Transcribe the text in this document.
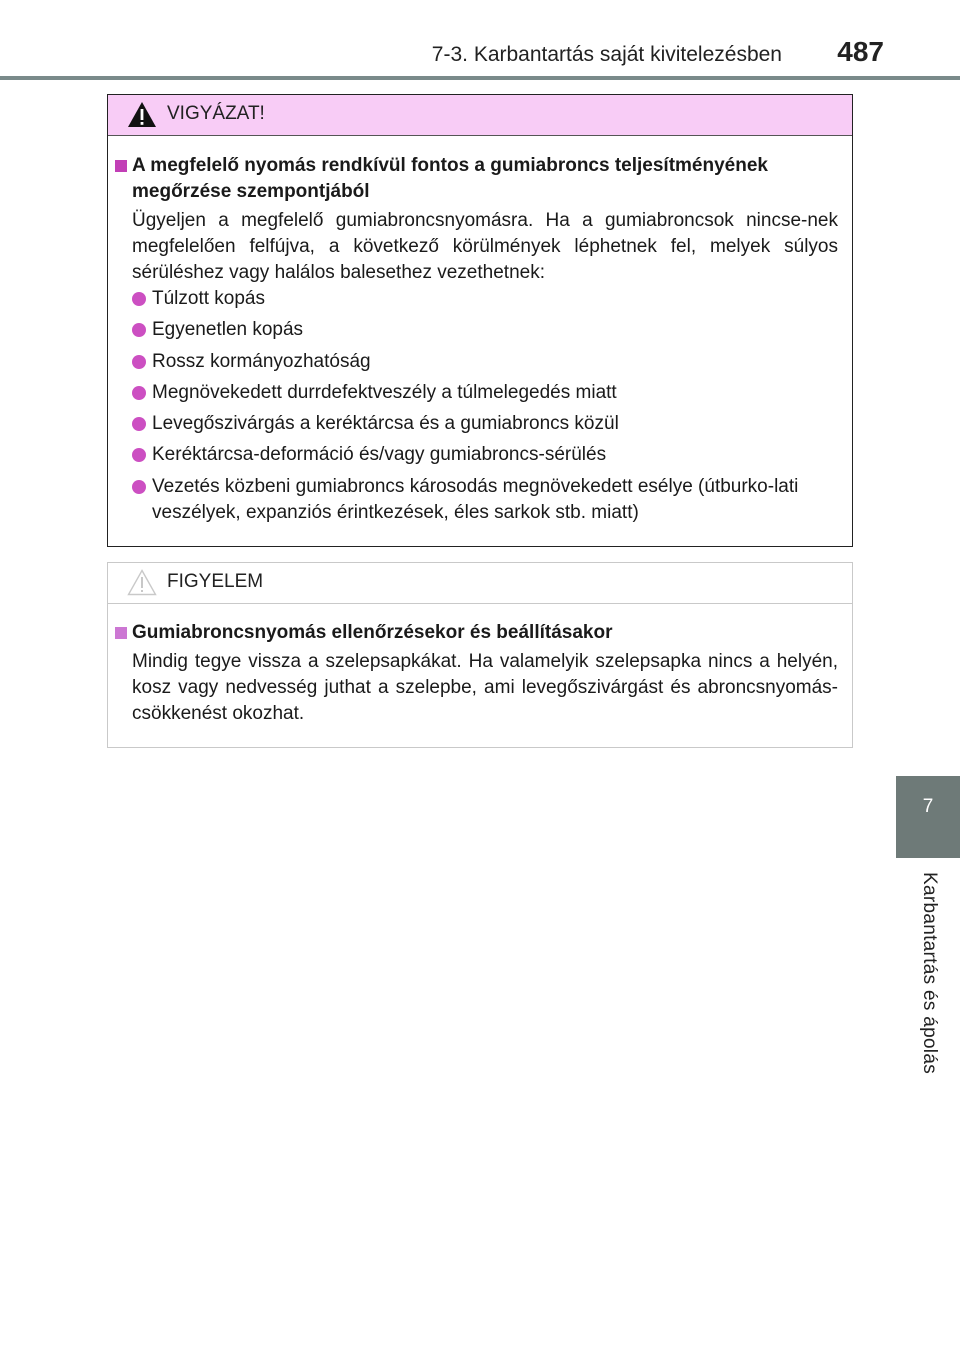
7-3. Karbantartás saját kivitelezésben 487
7
Karbantartás és ápolás
VIGYÁZAT!
A megfelelő nyomás rendkívül fontos a gumiabroncs teljesítményének megőrzése szempontjából
Ügyeljen a megfelelő gumiabroncsnyomásra. Ha a gumiabroncsok nincse-nek megfelelően felfújva, a következő körülmények léphetnek fel, melyek súlyos sérüléshez vagy halálos balesethez vezethetnek:
Túlzott kopás
Egyenetlen kopás
Rossz kormányozhatóság
Megnövekedett durrdefektveszély a túlmelegedés miatt
Levegőszivárgás a keréktárcsa és a gumiabroncs közül
Keréktárcsa-deformáció és/vagy gumiabroncs-sérülés
Vezetés közbeni gumiabroncs károsodás megnövekedett esélye (útburko-lati veszélyek, expanziós érintkezések, éles sarkok stb. miatt)
FIGYELEM
Gumiabroncsnyomás ellenőrzésekor és beállításakor
Mindig tegye vissza a szelepsapkákat. Ha valamelyik szelepsapka nincs a helyén, kosz vagy nedvesség juthat a szelepbe, ami levegőszivárgást és abroncsnyomás-csökkenést okozhat.
